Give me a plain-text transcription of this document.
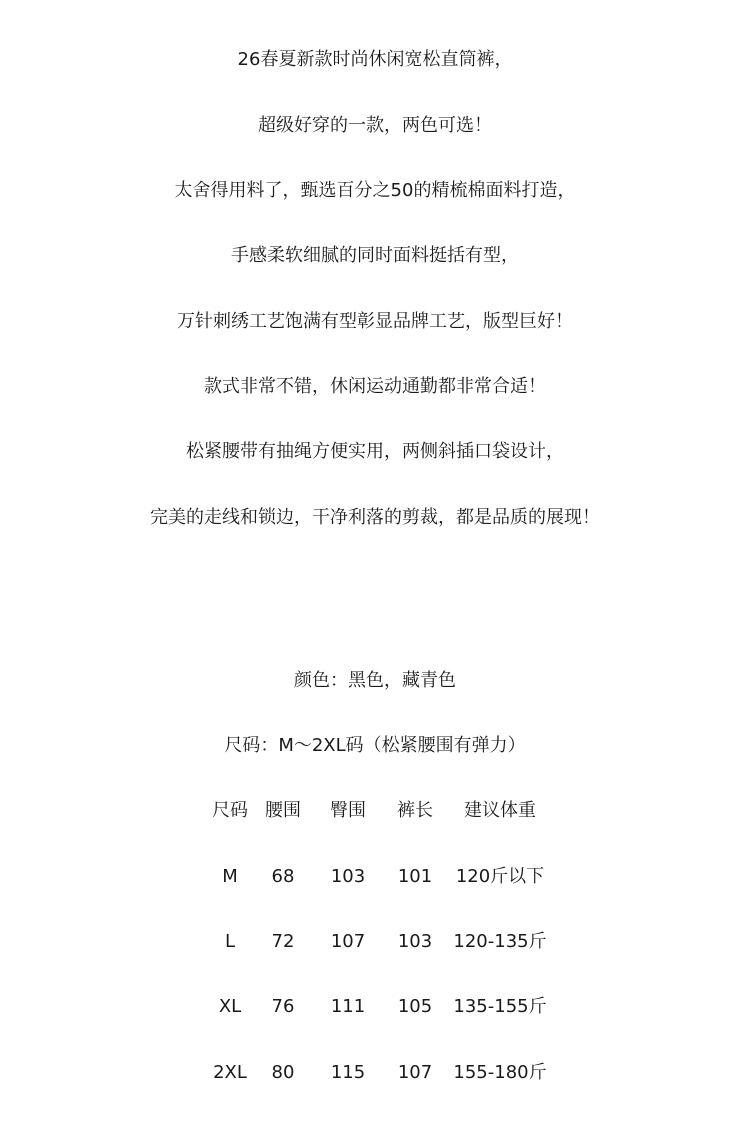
26春夏新款时尚休闲宽松直筒裤，
超级好穿的一款，两色可选！
太舍得用料了，甄选百分之50的精梳棉面料打造，
手感柔软细腻的同时面料挺括有型，
万针刺绣工艺饱满有型彰显品牌工艺，版型巨好！
款式非常不错，休闲运动通勤都非常合适！
松紧腰带有抽绳方便实用，两侧斜插口袋设计，
完美的走线和锁边，干净利落的剪裁，都是品质的展现！
颜色：黑色，藏青色
尺码：M～2XL码（松紧腰围有弹力）
尺码 腰围 臀围 裤长 建议体重
M 68 103 101 120斤以下
L 72 107 103 120-135斤
XL 76 111 105 135-155斤
2XL 80 115 107 155-180斤
